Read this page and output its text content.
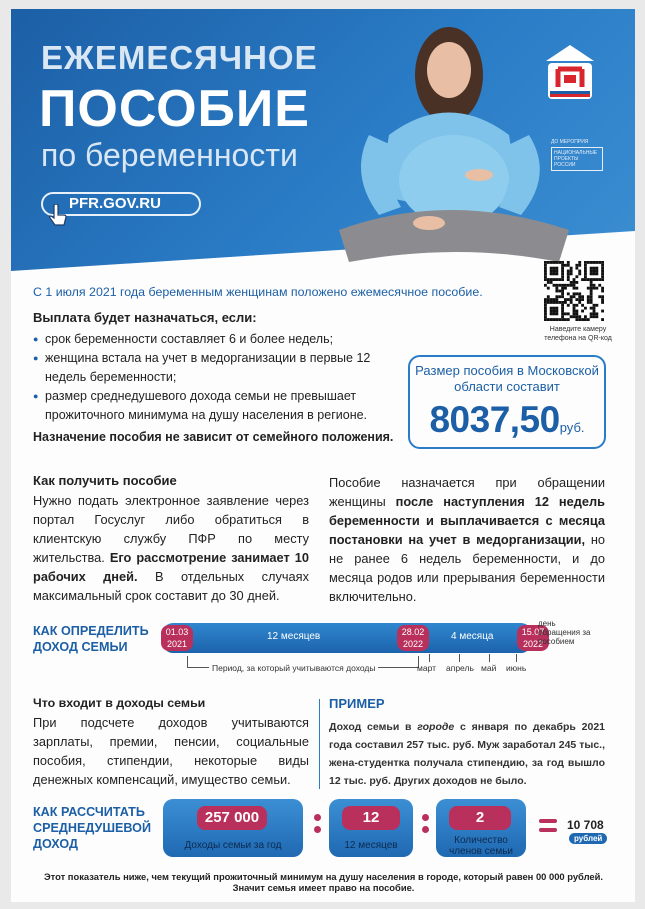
ЕЖЕМЕСЯЧНОЕ
ПОСОБИЕ
по беременности
PFR.GOV.RU
ДО МЕРОПРИЯ
НАЦИОНАЛЬНЫЕ ПРОЕКТЫ РОССИИ
С 1 июля 2021 года беременным женщинам положено ежемесячное пособие.
Наведите камеру телефона на QR-код
Выплата будет назначаться, если:
● срок беременности составляет 6 и более недель;
● женщина встала на учет в медорганизации в первые 12 недель беременности;
● размер среднедушевого дохода семьи не превышает прожиточного минимума на душу населения в регионе.
Назначение пособия не зависит от семейного положения.
Размер пособия в Московской области составит
8037,50руб.
Как получить пособие
Нужно подать электронное заявление через портал Госуслуг либо обратиться в клиентскую службу ПФР по месту жительства. Его рассмотрение занимает 10 рабочих дней. В отдельных случаях максимальный срок составит до 30 дней.
Пособие назначается при обращении женщины после наступления 12 недель беременности и выплачивается с месяца постановки на учет в медорганизации, но не ранее 6 недель беременности, и до месяца родов или прерывания беременности включительно.
КАК ОПРЕДЕЛИТЬ ДОХОД СЕМЬИ
12 месяцев	4 месяца
01.03 2021
28.02 2022
15.07 2022
день обращения за пособием
Период, за который учитываются доходы	март апрель май июнь
Что входит в доходы семьи
При подсчете доходов учитываются зарплаты, премии, пенсии, социальные пособия, стипендии, некоторые виды денежных компенсаций, имущество семьи.
ПРИМЕР
Доход семьи в городе с января по декабрь 2021 года составил 257 тыс. руб. Муж заработал 245 тыс., жена-студентка получала стипендию, за год вышло 12 тыс. руб. Других доходов не было.
КАК РАССЧИТАТЬ СРЕДНЕДУШЕВОЙ ДОХОД
257 000
Доходы семьи за год
12
12 месяцев
2
Количество членов семьи
10 708
рублей
Этот показатель ниже, чем текущий прожиточный минимум на душу населения в городе, который равен 00 000 рублей. Значит семья имеет право на пособие.
